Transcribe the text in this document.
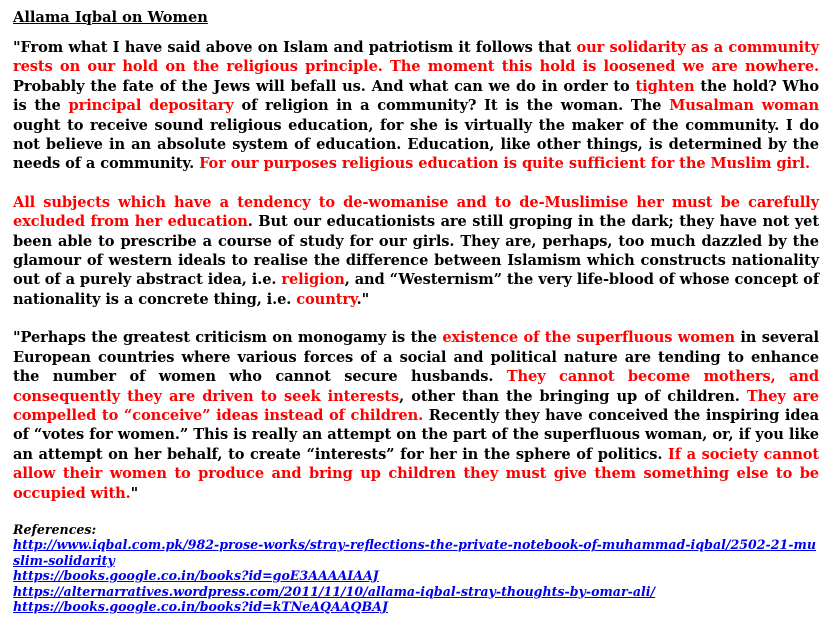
Allama Iqbal on Women
"From what I have said above on Islam and patriotism it follows that our solidarity as a community rests on our hold on the religious principle. The moment this hold is loosened we are nowhere. Probably the fate of the Jews will befall us. And what can we do in order to tighten the hold? Who is the principal depositary of religion in a community? It is the woman. The Musalman woman ought to receive sound religious education, for she is virtually the maker of the community. I do not believe in an absolute system of education. Education, like other things, is determined by the needs of a community. For our purposes religious education is quite sufficient for the Muslim girl.
All subjects which have a tendency to de-womanise and to de-Muslimise her must be carefully excluded from her education. But our educationists are still groping in the dark; they have not yet been able to prescribe a course of study for our girls. They are, perhaps, too much dazzled by the glamour of western ideals to realise the difference between Islamism which constructs nationality out of a purely abstract idea, i.e. religion, and “Westernism” the very life-blood of whose concept of nationality is a concrete thing, i.e. country."
"Perhaps the greatest criticism on monogamy is the existence of the superfluous women in several European countries where various forces of a social and political nature are tending to enhance the number of women who cannot secure husbands. They cannot become mothers, and consequently they are driven to seek interests, other than the bringing up of children. They are compelled to “conceive” ideas instead of children. Recently they have conceived the inspiring idea of “votes for women.” This is really an attempt on the part of the superfluous woman, or, if you like an attempt on her behalf, to create “interests” for her in the sphere of politics. If a society cannot allow their women to produce and bring up children they must give them something else to be occupied with."
References:
http://www.iqbal.com.pk/982-prose-works/stray-reflections-the-private-notebook-of-muhammad-iqbal/2502-21-muslim-solidarity
https://books.google.co.in/books?id=goE3AAAAIAAJ
https://alternarratives.wordpress.com/2011/11/10/allama-iqbal-stray-thoughts-by-omar-ali/
https://books.google.co.in/books?id=kTNeAQAAQBAJ
